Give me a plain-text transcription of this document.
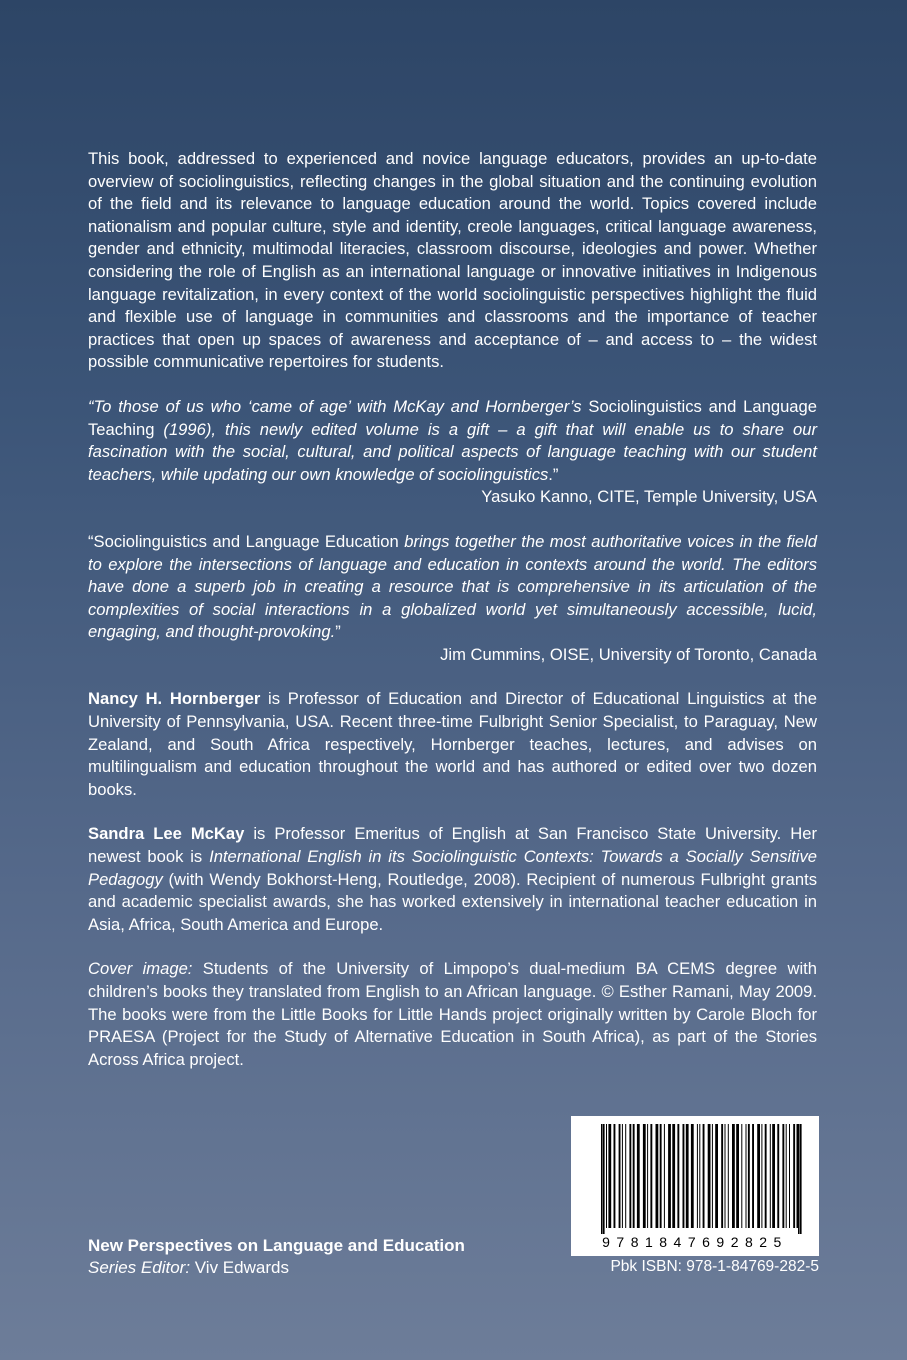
This book, addressed to experienced and novice language educators, provides an up-to-date overview of sociolinguistics, reflecting changes in the global situation and the continuing evolution of the field and its relevance to language education around the world. Topics covered include nationalism and popular culture, style and identity, creole languages, critical language awareness, gender and ethnicity, multimodal literacies, classroom discourse, ideologies and power. Whether considering the role of English as an international language or innovative initiatives in Indigenous language revitalization, in every context of the world sociolinguistic perspectives highlight the fluid and flexible use of language in communities and classrooms and the importance of teacher practices that open up spaces of awareness and acceptance of – and access to – the widest possible communicative repertoires for students.

“To those of us who ‘came of age’ with McKay and Hornberger’s Sociolinguistics and Language Teaching (1996), this newly edited volume is a gift – a gift that will enable us to share our fascination with the social, cultural, and political aspects of language teaching with our student teachers, while updating our own knowledge of sociolinguistics.”

Yasuko Kanno, CITE, Temple University, USA

“Sociolinguistics and Language Education brings together the most authoritative voices in the field to explore the intersections of language and education in contexts around the world. The editors have done a superb job in creating a resource that is comprehensive in its articulation of the complexities of social interactions in a globalized world yet simultaneously accessible, lucid, engaging, and thought-provoking.”

Jim Cummins, OISE, University of Toronto, Canada

Nancy H. Hornberger is Professor of Education and Director of Educational Linguistics at the University of Pennsylvania, USA. Recent three-time Fulbright Senior Specialist, to Paraguay, New Zealand, and South Africa respectively, Hornberger teaches, lectures, and advises on multilingualism and education throughout the world and has authored or edited over two dozen books.

Sandra Lee McKay is Professor Emeritus of English at San Francisco State University. Her newest book is International English in its Sociolinguistic Contexts: Towards a Socially Sensitive Pedagogy (with Wendy Bokhorst-Heng, Routledge, 2008). Recipient of numerous Fulbright grants and academic specialist awards, she has worked extensively in international teacher education in Asia, Africa, South America and Europe.

Cover image: Students of the University of Limpopo’s dual-medium BA CEMS degree with children’s books they translated from English to an African language. © Esther Ramani, May 2009. The books were from the Little Books for Little Hands project originally written by Carole Bloch for PRAESA (Project for the Study of Alternative Education in South Africa), as part of the Stories Across Africa project.

9781847692825
Pbk ISBN: 978-1-84769-282-5
New Perspectives on Language and Education
Series Editor: Viv Edwards
